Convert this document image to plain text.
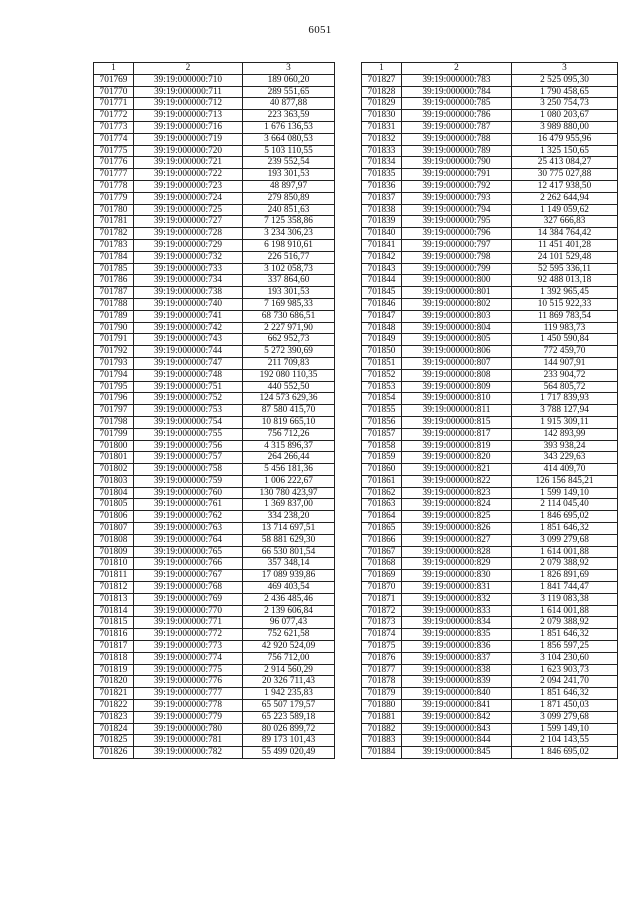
6051
1	2	3
701769	39:19:000000:710	189 060,20
701770	39:19:000000:711	289 551,65
701771	39:19:000000:712	40 877,88
701772	39:19:000000:713	223 363,59
701773	39:19:000000:716	1 676 136,53
701774	39:19:000000:719	3 664 080,53
701775	39:19:000000:720	5 103 110,55
701776	39:19:000000:721	239 552,54
701777	39:19:000000:722	193 301,53
701778	39:19:000000:723	48 897,97
701779	39:19:000000:724	279 850,89
701780	39:19:000000:725	240 851,63
701781	39:19:000000:727	7 125 358,86
701782	39:19:000000:728	3 234 306,23
701783	39:19:000000:729	6 198 910,61
701784	39:19:000000:732	226 516,77
701785	39:19:000000:733	3 102 058,73
701786	39:19:000000:734	337 864,60
701787	39:19:000000:738	193 301,53
701788	39:19:000000:740	7 169 985,33
701789	39:19:000000:741	68 730 686,51
701790	39:19:000000:742	2 227 971,90
701791	39:19:000000:743	662 952,73
701792	39:19:000000:744	5 272 390,69
701793	39:19:000000:747	211 709,83
701794	39:19:000000:748	192 080 110,35
701795	39:19:000000:751	440 552,50
701796	39:19:000000:752	124 573 629,36
701797	39:19:000000:753	87 580 415,70
701798	39:19:000000:754	10 819 665,10
701799	39:19:000000:755	756 712,26
701800	39:19:000000:756	4 315 896,37
701801	39:19:000000:757	264 266,44
701802	39:19:000000:758	5 456 181,36
701803	39:19:000000:759	1 006 222,67
701804	39:19:000000:760	130 780 423,97
701805	39:19:000000:761	1 369 837,00
701806	39:19:000000:762	334 238,20
701807	39:19:000000:763	13 714 697,51
701808	39:19:000000:764	58 881 629,30
701809	39:19:000000:765	66 530 801,54
701810	39:19:000000:766	357 348,14
701811	39:19:000000:767	17 089 939,86
701812	39:19:000000:768	469 403,54
701813	39:19:000000:769	2 436 485,46
701814	39:19:000000:770	2 139 606,84
701815	39:19:000000:771	96 077,43
701816	39:19:000000:772	752 621,58
701817	39:19:000000:773	42 920 524,09
701818	39:19:000000:774	756 712,00
701819	39:19:000000:775	2 914 560,29
701820	39:19:000000:776	20 326 711,43
701821	39:19:000000:777	1 942 235,83
701822	39:19:000000:778	65 507 179,57
701823	39:19:000000:779	65 223 589,18
701824	39:19:000000:780	80 026 899,72
701825	39:19:000000:781	89 173 101,43
701826	39:19:000000:782	55 499 020,49
1	2	3
701827	39:19:000000:783	2 525 095,30
701828	39:19:000000:784	1 790 458,65
701829	39:19:000000:785	3 250 754,73
701830	39:19:000000:786	1 080 203,67
701831	39:19:000000:787	3 989 880,00
701832	39:19:000000:788	16 479 955,96
701833	39:19:000000:789	1 325 150,65
701834	39:19:000000:790	25 413 084,27
701835	39:19:000000:791	30 775 027,88
701836	39:19:000000:792	12 417 938,50
701837	39:19:000000:793	2 262 644,94
701838	39:19:000000:794	1 149 059,62
701839	39:19:000000:795	327 666,83
701840	39:19:000000:796	14 384 764,42
701841	39:19:000000:797	11 451 401,28
701842	39:19:000000:798	24 101 529,48
701843	39:19:000000:799	52 595 336,11
701844	39:19:000000:800	92 488 013,18
701845	39:19:000000:801	1 392 965,45
701846	39:19:000000:802	10 515 922,33
701847	39:19:000000:803	11 869 783,54
701848	39:19:000000:804	119 983,73
701849	39:19:000000:805	1 450 590,84
701850	39:19:000000:806	772 459,70
701851	39:19:000000:807	144 907,91
701852	39:19:000000:808	233 904,72
701853	39:19:000000:809	564 805,72
701854	39:19:000000:810	1 717 839,93
701855	39:19:000000:811	3 788 127,94
701856	39:19:000000:815	1 915 309,11
701857	39:19:000000:817	142 893,99
701858	39:19:000000:819	393 938,24
701859	39:19:000000:820	343 229,63
701860	39:19:000000:821	414 409,70
701861	39:19:000000:822	126 156 845,21
701862	39:19:000000:823	1 599 149,10
701863	39:19:000000:824	2 114 045,40
701864	39:19:000000:825	1 846 695,02
701865	39:19:000000:826	1 851 646,32
701866	39:19:000000:827	3 099 279,68
701867	39:19:000000:828	1 614 001,88
701868	39:19:000000:829	2 079 388,92
701869	39:19:000000:830	1 826 891,69
701870	39:19:000000:831	1 841 744,47
701871	39:19:000000:832	3 119 083,38
701872	39:19:000000:833	1 614 001,88
701873	39:19:000000:834	2 079 388,92
701874	39:19:000000:835	1 851 646,32
701875	39:19:000000:836	1 856 597,25
701876	39:19:000000:837	3 104 230,60
701877	39:19:000000:838	1 623 903,73
701878	39:19:000000:839	2 094 241,70
701879	39:19:000000:840	1 851 646,32
701880	39:19:000000:841	1 871 450,03
701881	39:19:000000:842	3 099 279,68
701882	39:19:000000:843	1 599 149,10
701883	39:19:000000:844	2 104 143,55
701884	39:19:000000:845	1 846 695,02
